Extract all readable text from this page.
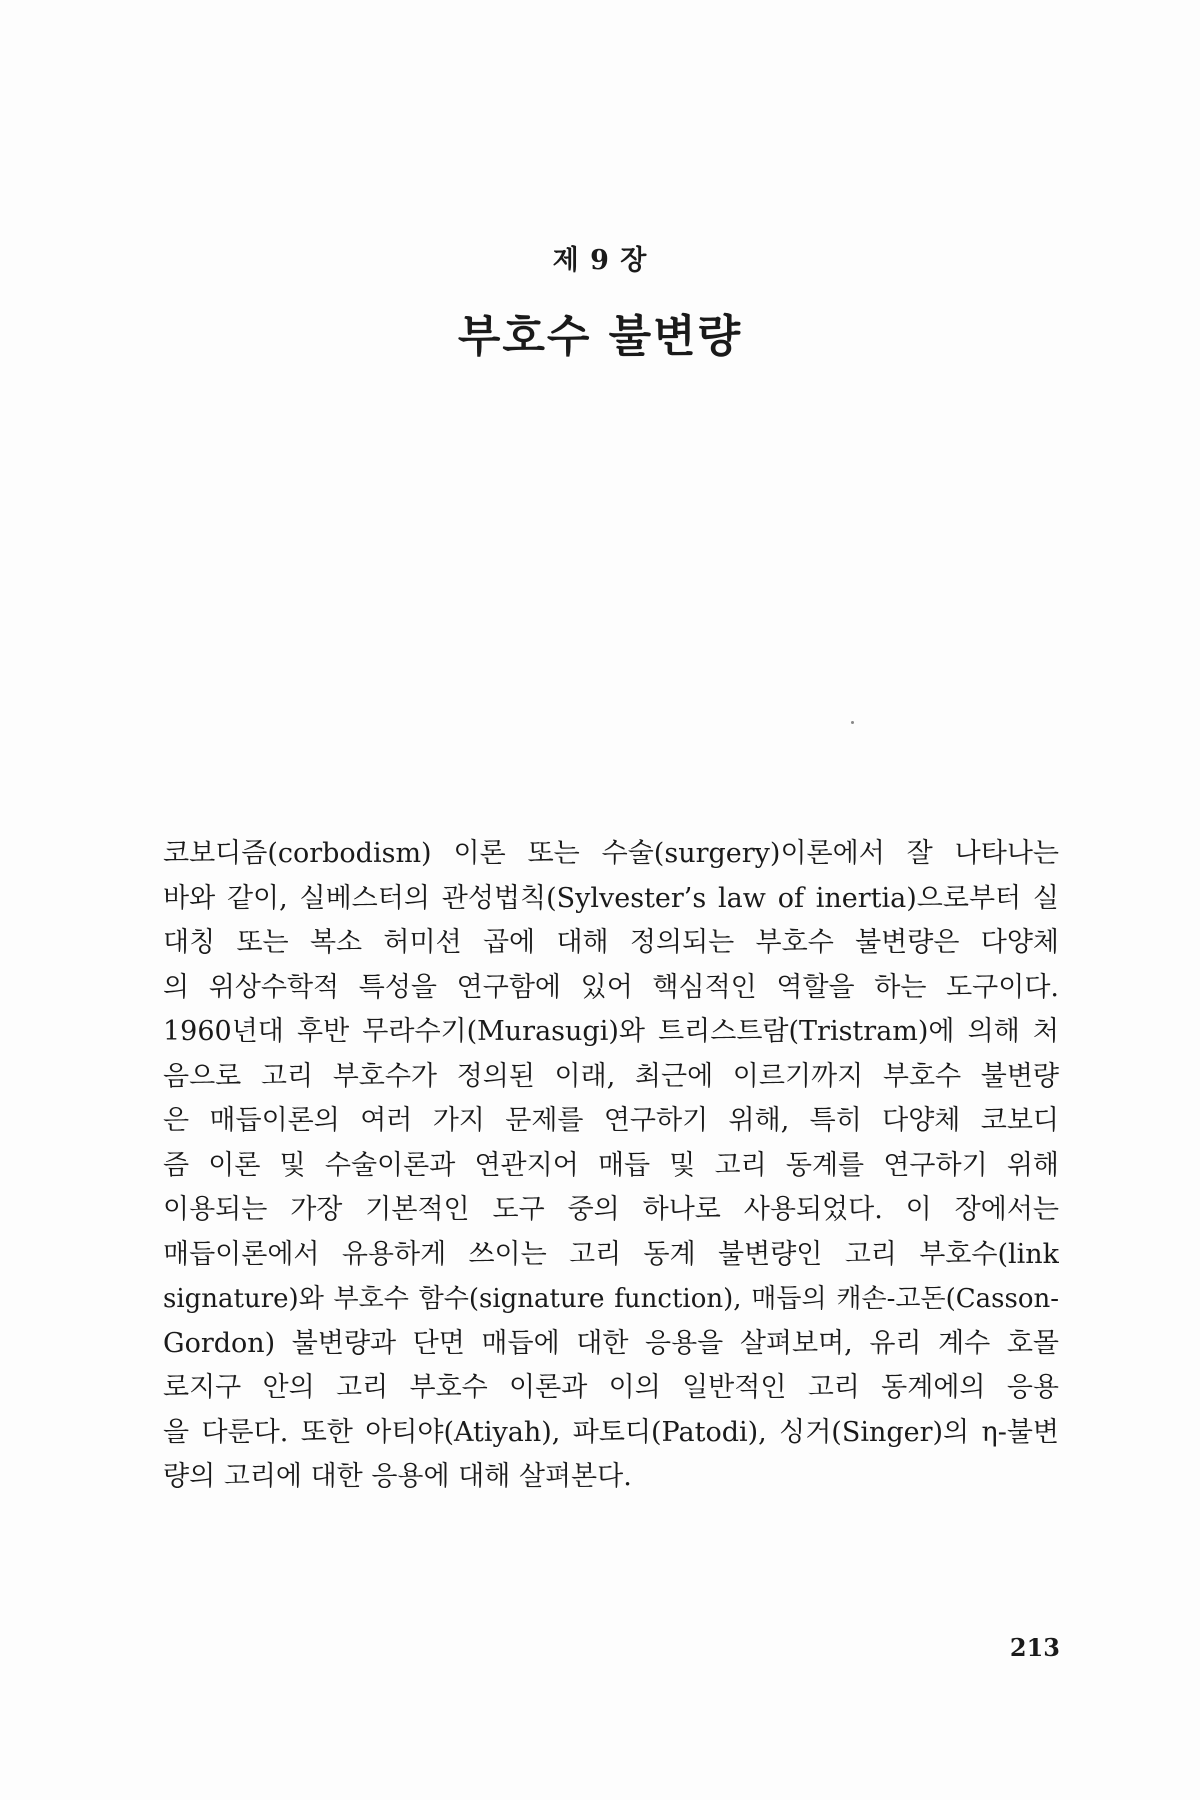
제 9 장
부호수 불변량
코보디즘(corbodism) 이론 또는 수술(surgery)이론에서 잘 나타나는
바와 같이, 실베스터의 관성법칙(Sylvester’s law of inertia)으로부터 실
대칭 또는 복소 허미션 곱에 대해 정의되는 부호수 불변량은 다양체
의 위상수학적 특성을 연구함에 있어 핵심적인 역할을 하는 도구이다.
1960년대 후반 무라수기(Murasugi)와 트리스트람(Tristram)에 의해 처
음으로 고리 부호수가 정의된 이래, 최근에 이르기까지 부호수 불변량
은 매듭이론의 여러 가지 문제를 연구하기 위해, 특히 다양체 코보디
즘 이론 및 수술이론과 연관지어 매듭 및 고리 동계를 연구하기 위해
이용되는 가장 기본적인 도구 중의 하나로 사용되었다. 이 장에서는
매듭이론에서 유용하게 쓰이는 고리 동계 불변량인 고리 부호수(link
signature)와 부호수 함수(signature function), 매듭의 캐손-고돈(Casson-
Gordon) 불변량과 단면 매듭에 대한 응용을 살펴보며, 유리 계수 호몰
로지구 안의 고리 부호수 이론과 이의 일반적인 고리 동계에의 응용
을 다룬다. 또한 아티야(Atiyah), 파토디(Patodi), 싱거(Singer)의 η-불변
량의 고리에 대한 응용에 대해 살펴본다.
213
